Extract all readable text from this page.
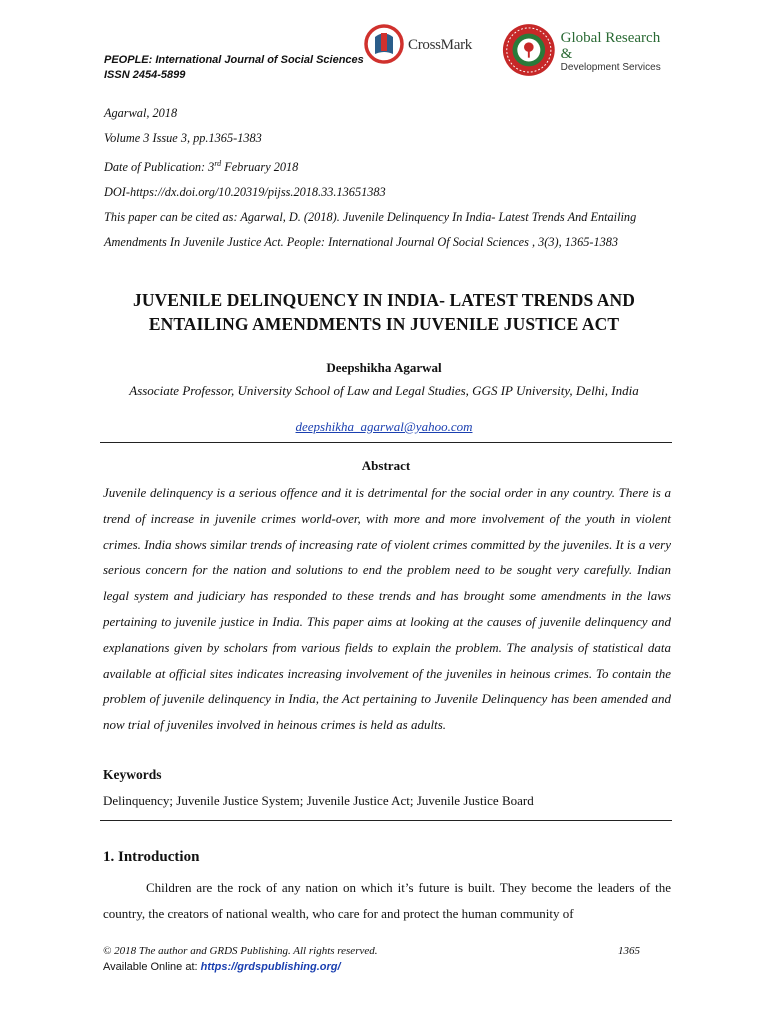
PEOPLE: International Journal of Social Sciences
ISSN 2454-5899
CrossMark	Global Research &
Development Services
Agarwal, 2018
Volume 3 Issue 3, pp.1365-1383
Date of Publication: 3rd February 2018
DOI-https://dx.doi.org/10.20319/pijss.2018.33.13651383
This paper can be cited as: Agarwal, D. (2018). Juvenile Delinquency In India- Latest Trends And Entailing Amendments In Juvenile Justice Act. People: International Journal Of Social Sciences , 3(3), 1365-1383
JUVENILE DELINQUENCY IN INDIA- LATEST TRENDS AND
ENTAILING AMENDMENTS IN JUVENILE JUSTICE ACT
Deepshikha Agarwal
Associate Professor, University School of Law and Legal Studies, GGS IP University, Delhi, India
deepshikha_agarwal@yahoo.com
Abstract
Juvenile delinquency is a serious offence and it is detrimental for the social order in any country. There is a trend of increase in juvenile crimes world-over, with more and more involvement of the youth in violent crimes. India shows similar trends of increasing rate of violent crimes committed by the juveniles. It is a very serious concern for the nation and solutions to end the problem need to be sought very carefully. Indian legal system and judiciary has responded to these trends and has brought some amendments in the laws pertaining to juvenile justice in India. This paper aims at looking at the causes of juvenile delinquency and explanations given by scholars from various fields to explain the problem. The analysis of statistical data available at official sites indicates increasing involvement of the juveniles in heinous crimes. To contain the problem of juvenile delinquency in India, the Act pertaining to Juvenile Delinquency has been amended and now trial of juveniles involved in heinous crimes is held as adults.
Keywords
Delinquency; Juvenile Justice System; Juvenile Justice Act; Juvenile Justice Board
1. Introduction
Children are the rock of any nation on which it’s future is built. They become the leaders of the country, the creators of national wealth, who care for and protect the human community of
© 2018 The author and GRDS Publishing. All rights reserved.	1365
Available Online at: https://grdspublishing.org/
